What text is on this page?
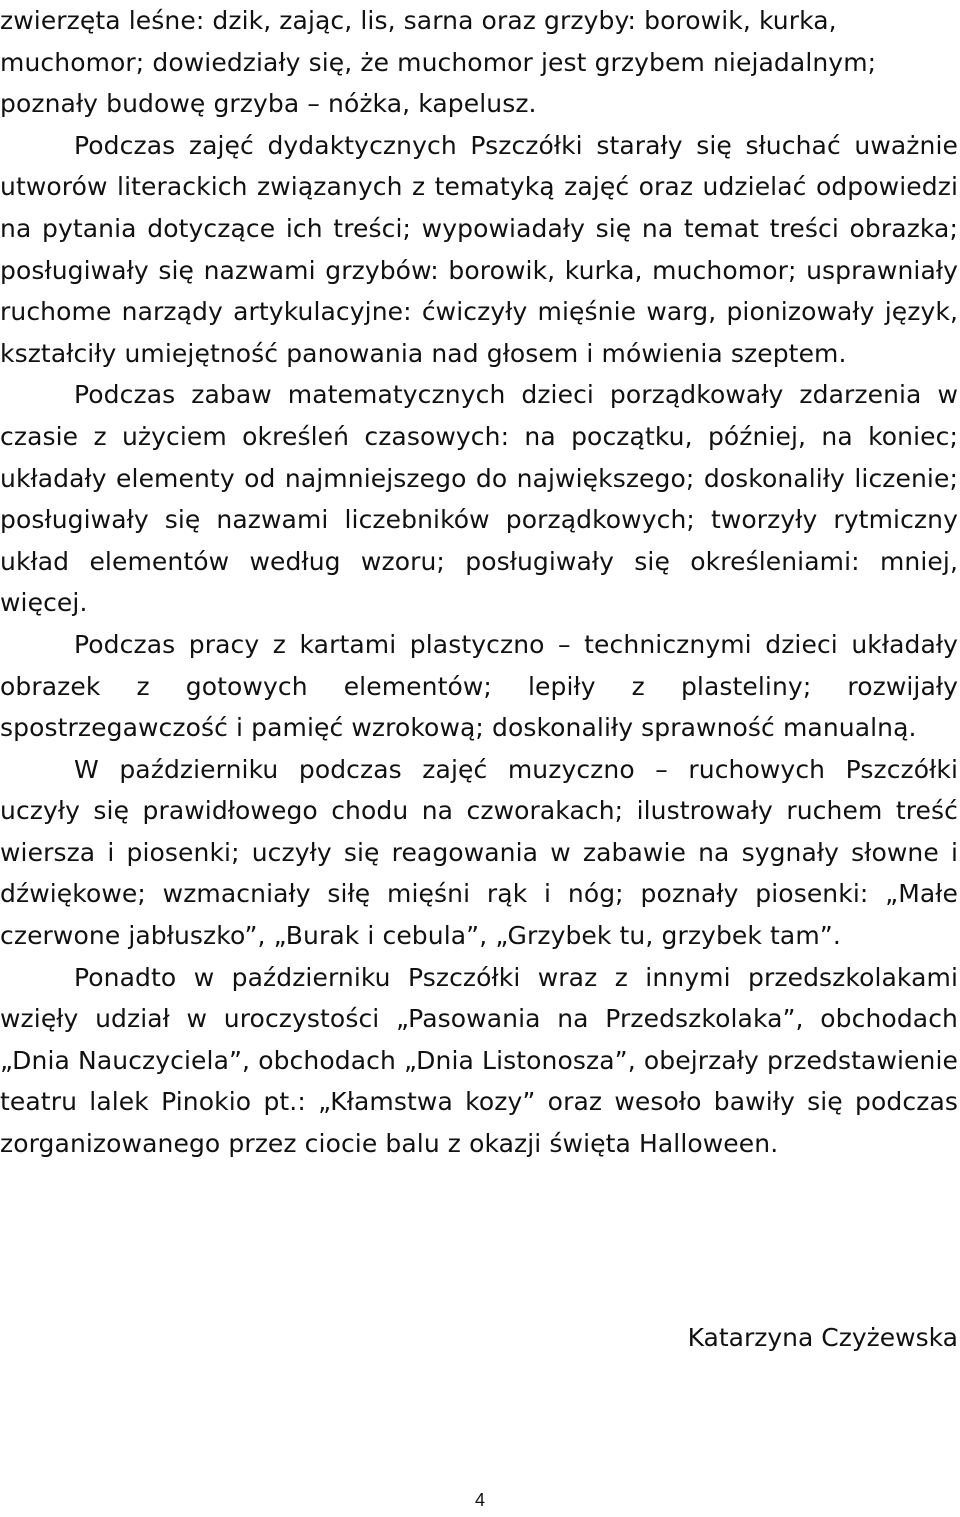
zwierzęta leśne: dzik, zając, lis, sarna oraz grzyby: borowik, kurka, muchomor; dowiedziały się, że muchomor jest grzybem niejadalnym; poznały budowę grzyba – nóżka, kapelusz.

Podczas zajęć dydaktycznych Pszczółki starały się słuchać uważnie utworów literackich związanych z tematyką zajęć oraz udzielać odpowiedzi na pytania dotyczące ich treści; wypowiadały się na temat treści obrazka; posługiwały się nazwami grzybów: borowik, kurka, muchomor; usprawniały ruchome narządy artykulacyjne: ćwiczyły mięśnie warg, pionizowały język, kształciły umiejętność panowania nad głosem i mówienia szeptem.

Podczas zabaw matematycznych dzieci porządkowały zdarzenia w czasie z użyciem określeń czasowych: na początku, później, na koniec; układały elementy od najmniejszego do największego; doskonaliły liczenie; posługiwały się nazwami liczebników porządkowych; tworzyły rytmiczny układ elementów według wzoru; posługiwały się określeniami: mniej, więcej.

Podczas pracy z kartami plastyczno – technicznymi dzieci układały obrazek z gotowych elementów; lepiły z plasteliny; rozwijały spostrzegawczość i pamięć wzrokową; doskonaliły sprawność manualną.

W październiku podczas zajęć muzyczno – ruchowych Pszczółki uczyły się prawidłowego chodu na czworakach; ilustrowały ruchem treść wiersza i piosenki; uczyły się reagowania w zabawie na sygnały słowne i dźwiękowe; wzmacniały siłę mięśni rąk i nóg; poznały piosenki: „Małe czerwone jabłuszko”, „Burak i cebula”, „Grzybek tu, grzybek tam”.

Ponadto w październiku Pszczółki wraz z innymi przedszkolakami wzięły udział w uroczystości „Pasowania na Przedszkolaka”, obchodach „Dnia Nauczyciela”, obchodach „Dnia Listonosza”, obejrzały przedstawienie teatru lalek Pinokio pt.: „Kłamstwa kozy” oraz wesoło bawiły się podczas zorganizowanego przez ciocie balu z okazji święta Halloween.

Katarzyna Czyżewska
4
